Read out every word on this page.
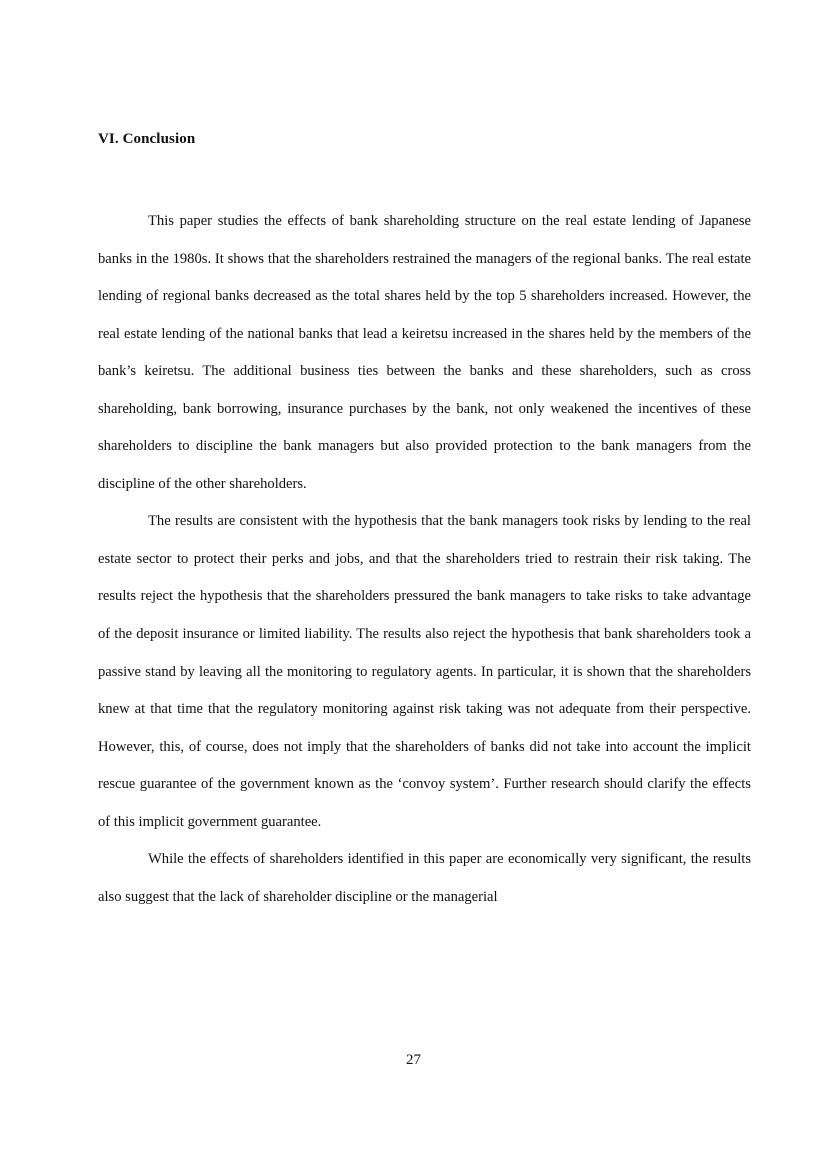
VI. Conclusion

This paper studies the effects of bank shareholding structure on the real estate lending of Japanese banks in the 1980s. It shows that the shareholders restrained the managers of the regional banks. The real estate lending of regional banks decreased as the total shares held by the top 5 shareholders increased. However, the real estate lending of the national banks that lead a keiretsu increased in the shares held by the members of the bank’s keiretsu. The additional business ties between the banks and these shareholders, such as cross shareholding, bank borrowing, insurance purchases by the bank, not only weakened the incentives of these shareholders to discipline the bank managers but also provided protection to the bank managers from the discipline of the other shareholders.

The results are consistent with the hypothesis that the bank managers took risks by lending to the real estate sector to protect their perks and jobs, and that the shareholders tried to restrain their risk taking. The results reject the hypothesis that the shareholders pressured the bank managers to take risks to take advantage of the deposit insurance or limited liability. The results also reject the hypothesis that bank shareholders took a passive stand by leaving all the monitoring to regulatory agents. In particular, it is shown that the shareholders knew at that time that the regulatory monitoring against risk taking was not adequate from their perspective. However, this, of course, does not imply that the shareholders of banks did not take into account the implicit rescue guarantee of the government known as the ‘convoy system’. Further research should clarify the effects of this implicit government guarantee.

While the effects of shareholders identified in this paper are economically very significant, the results also suggest that the lack of shareholder discipline or the managerial

27
